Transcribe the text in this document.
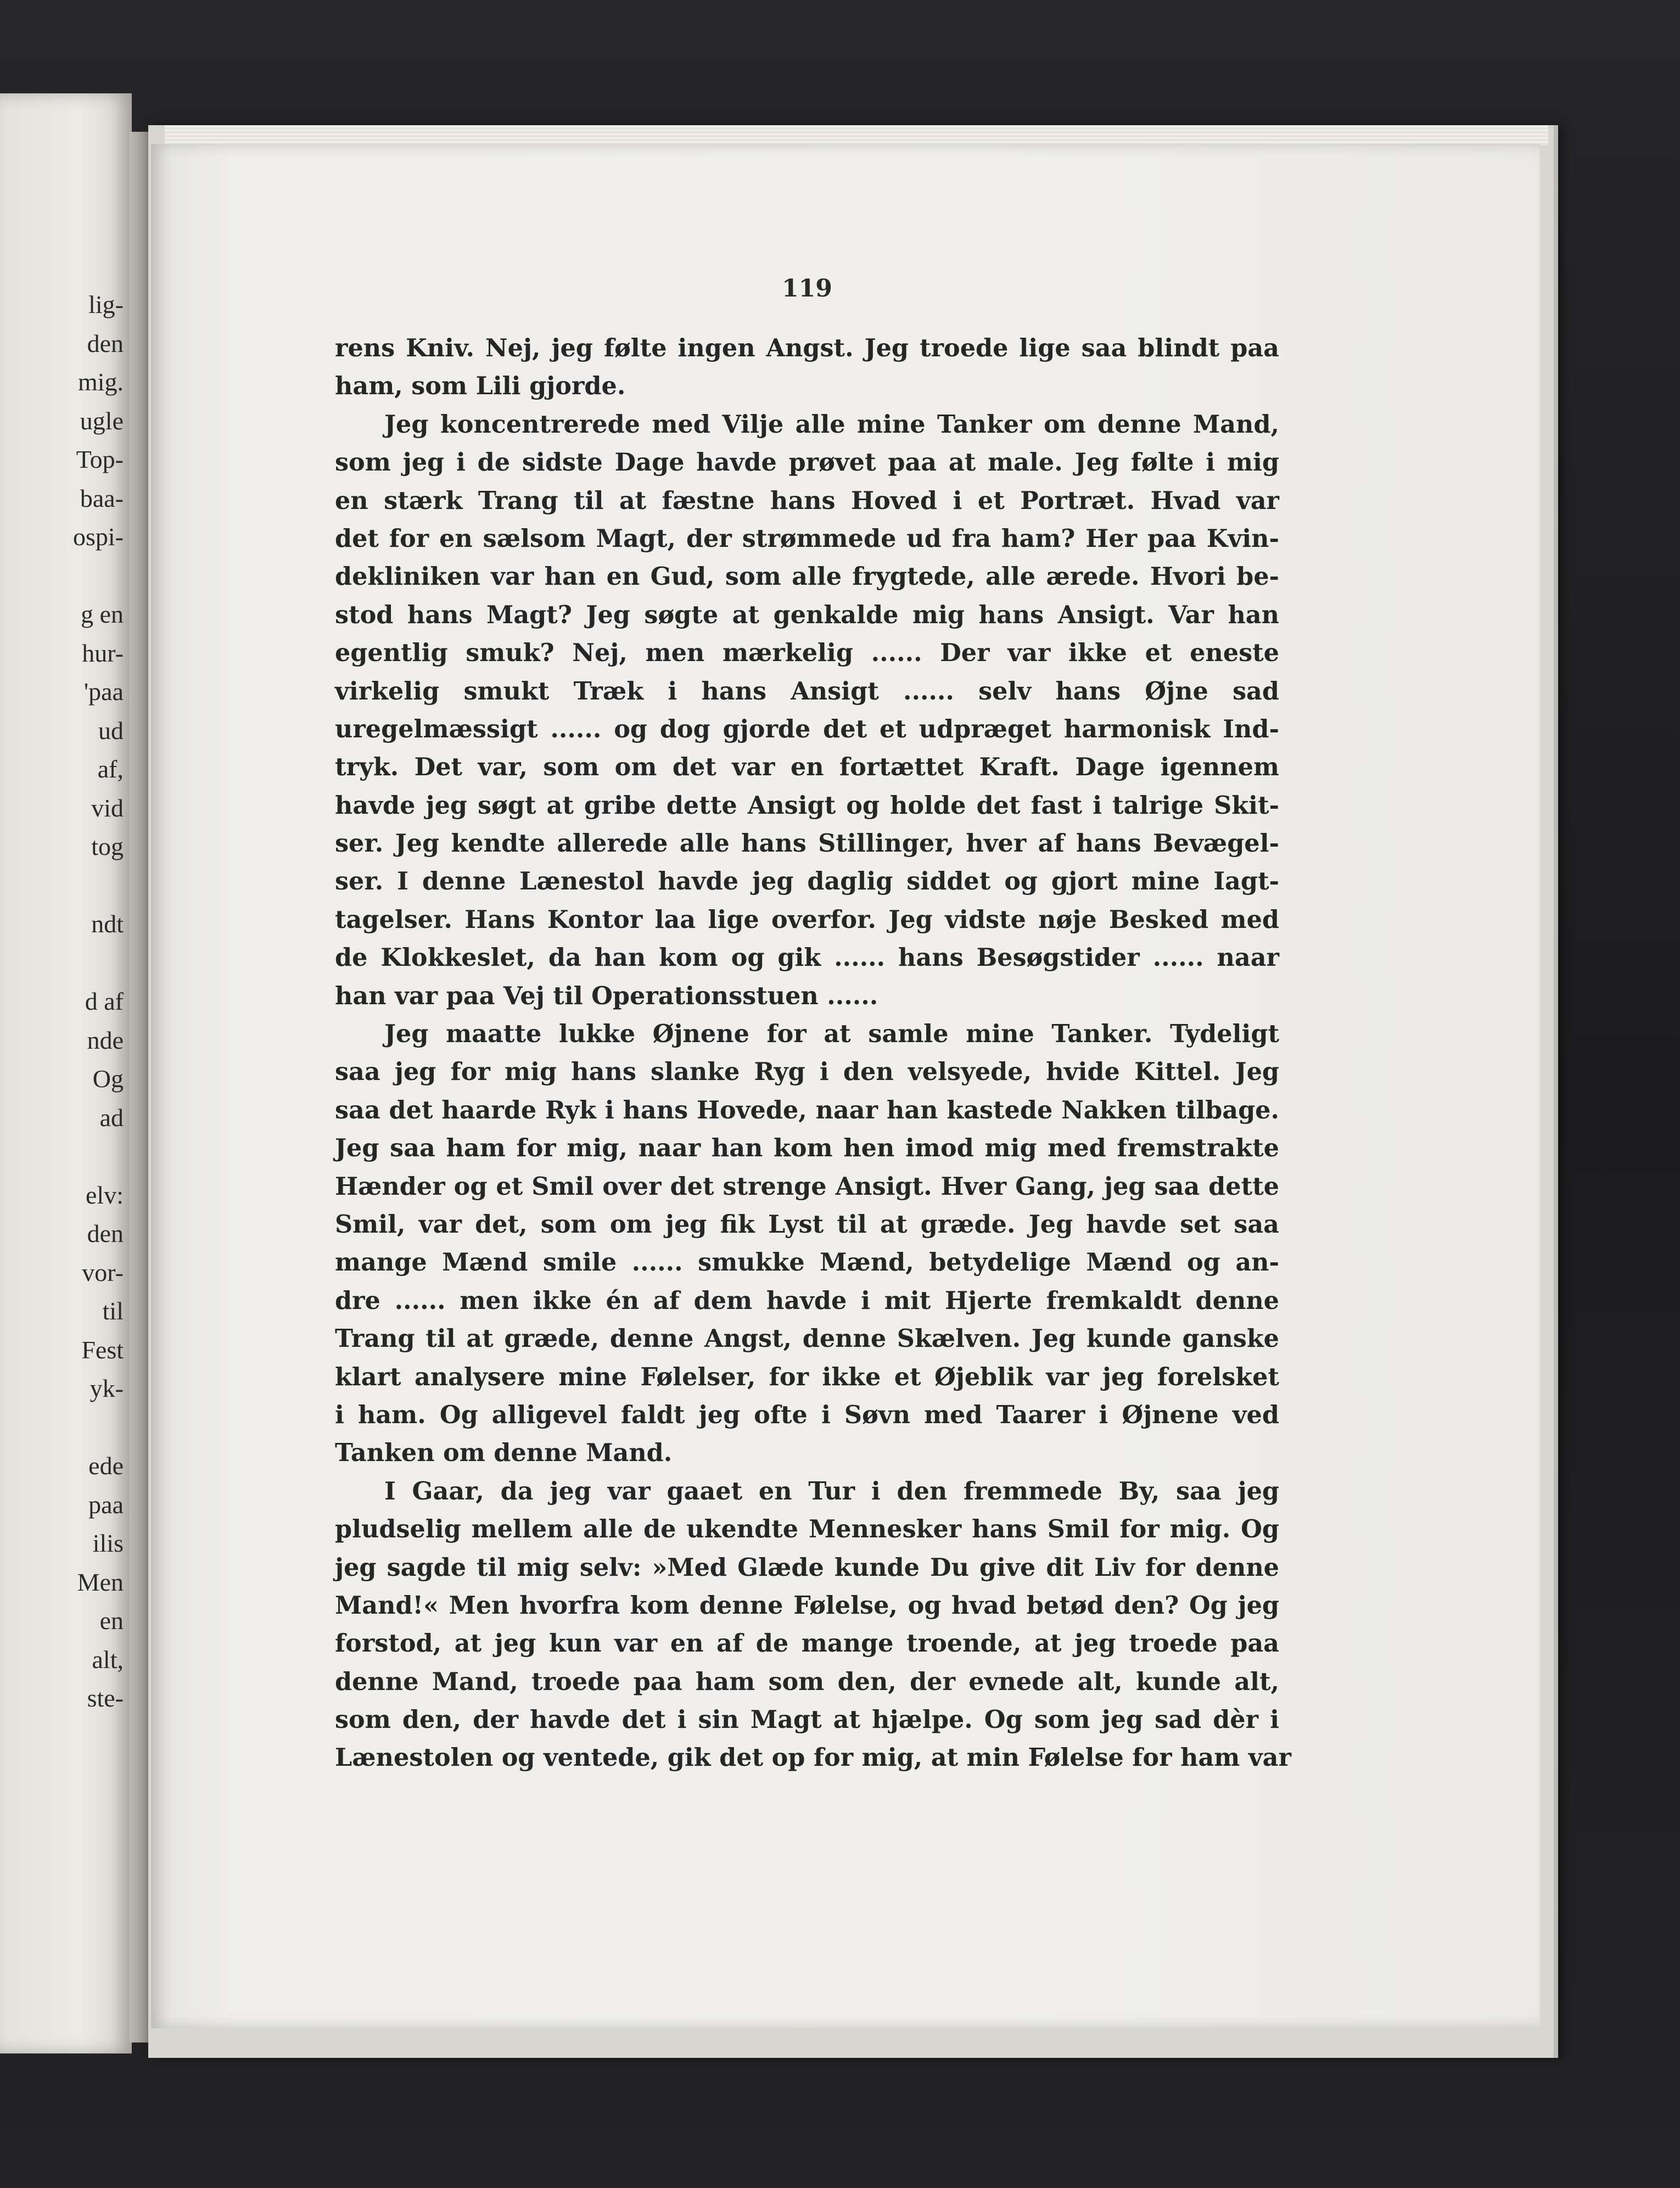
lig-
den
mig.
ugle
Top-
baa-
ospi-
g en
hur-
'paa
ud
af,
vid
tog
ndt
d af
nde
Og
ad
elv:
den
vor-
til
Fest
yk-
ede
paa
ilis
Men
en
alt,
ste-
119
rens Kniv. Nej, jeg følte ingen Angst. Jeg troede lige saa blindt paa
ham, som Lili gjorde.
Jeg koncentrerede med Vilje alle mine Tanker om denne Mand,
som jeg i de sidste Dage havde prøvet paa at male. Jeg følte i mig
en stærk Trang til at fæstne hans Hoved i et Portræt. Hvad var
det for en sælsom Magt, der strømmede ud fra ham? Her paa Kvin-
dekliniken var han en Gud, som alle frygtede, alle ærede. Hvori be-
stod hans Magt? Jeg søgte at genkalde mig hans Ansigt. Var han
egentlig smuk? Nej, men mærkelig ...... Der var ikke et eneste
virkelig smukt Træk i hans Ansigt ...... selv hans Øjne sad
uregelmæssigt ...... og dog gjorde det et udpræget harmonisk Ind-
tryk. Det var, som om det var en fortættet Kraft. Dage igennem
havde jeg søgt at gribe dette Ansigt og holde det fast i talrige Skit-
ser. Jeg kendte allerede alle hans Stillinger, hver af hans Bevægel-
ser. I denne Lænestol havde jeg daglig siddet og gjort mine Iagt-
tagelser. Hans Kontor laa lige overfor. Jeg vidste nøje Besked med
de Klokkeslet, da han kom og gik ...... hans Besøgstider ...... naar
han var paa Vej til Operationsstuen ......
Jeg maatte lukke Øjnene for at samle mine Tanker. Tydeligt
saa jeg for mig hans slanke Ryg i den velsyede, hvide Kittel. Jeg
saa det haarde Ryk i hans Hovede, naar han kastede Nakken tilbage.
Jeg saa ham for mig, naar han kom hen imod mig med fremstrakte
Hænder og et Smil over det strenge Ansigt. Hver Gang, jeg saa dette
Smil, var det, som om jeg fik Lyst til at græde. Jeg havde set saa
mange Mænd smile ...... smukke Mænd, betydelige Mænd og an-
dre ...... men ikke én af dem havde i mit Hjerte fremkaldt denne
Trang til at græde, denne Angst, denne Skælven. Jeg kunde ganske
klart analysere mine Følelser, for ikke et Øjeblik var jeg forelsket
i ham. Og alligevel faldt jeg ofte i Søvn med Taarer i Øjnene ved
Tanken om denne Mand.
I Gaar, da jeg var gaaet en Tur i den fremmede By, saa jeg
pludselig mellem alle de ukendte Mennesker hans Smil for mig. Og
jeg sagde til mig selv: »Med Glæde kunde Du give dit Liv for denne
Mand!« Men hvorfra kom denne Følelse, og hvad betød den? Og jeg
forstod, at jeg kun var en af de mange troende, at jeg troede paa
denne Mand, troede paa ham som den, der evnede alt, kunde alt,
som den, der havde det i sin Magt at hjælpe. Og som jeg sad dèr i
Lænestolen og ventede, gik det op for mig, at min Følelse for ham var
